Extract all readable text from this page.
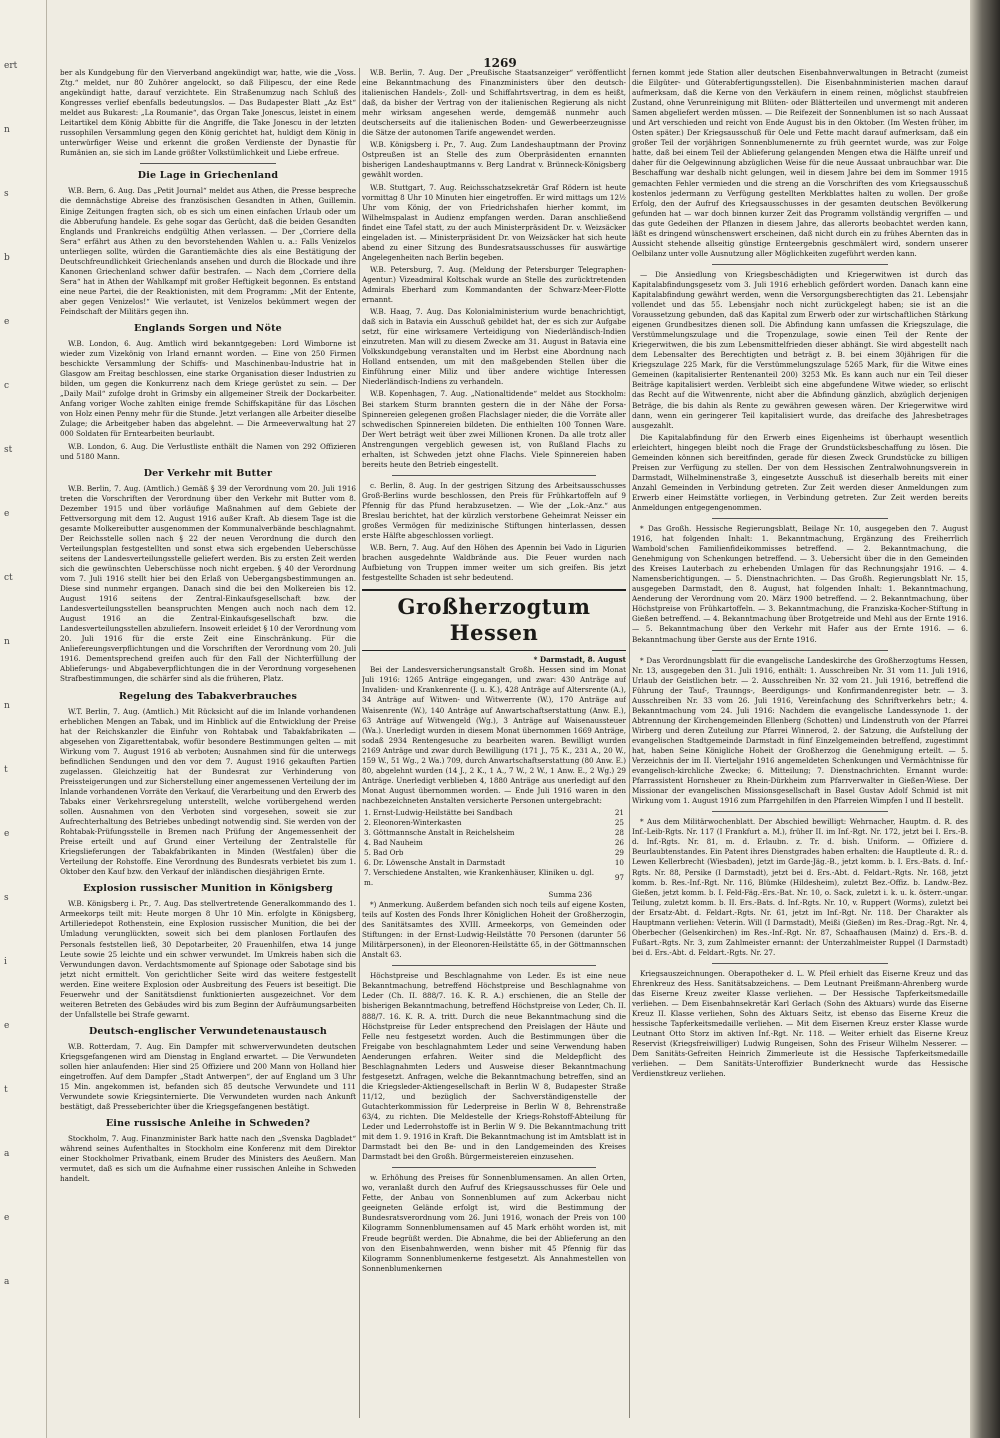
ert
n
s
b
e
c
st
e
ct
n
n
t
e
s
i
e
t
a
e
a
1269

ber als Kundgebung für den Vierverband angekündigt war, hatte, wie die „Voss. Ztg.“ meldet, nur 80 Zuhörer angelockt, so daß Filipescu, der eine Rede angekündigt hatte, darauf verzichtete. Ein Straßenumzug nach Schluß des Kongresses verlief ebenfalls bedeutungslos. — Das Budapester Blatt „Az Est“ meldet aus Bukarest: „La Roumanie“, das Organ Take Jonescus, leistet in einem Leitartikel dem König Abbitte für die Angriffe, die Take Jonescu in der letzten russophilen Versammlung gegen den König gerichtet hat, huldigt dem König in unterwürfiger Weise und erkennt die großen Verdienste der Dynastie für Rumänien an, sie sich im Lande größter Volkstümlichkeit und Liebe erfreue.

Die Lage in Griechenland

W.B. Bern, 6. Aug. Das „Petit Journal“ meldet aus Athen, die Presse bespreche die demnächstige Abreise des französischen Gesandten in Athen, Guillemin. Einige Zeitungen fragten sich, ob es sich um einen einfachen Urlaub oder um die Abberufung handele. Es gehe sogar das Gerücht, daß die beiden Gesandten Englands und Frankreichs endgültig Athen verlassen. — Der „Corriere della Sera“ erfährt aus Athen zu den bevorstehenden Wahlen u. a.: Falls Venizelos unterliegen sollte, würden die Garantiemächte dies als eine Bestätigung der Deutschfreundlichkeit Griechenlands ansehen und durch die Blockade und ihre Kanonen Griechenland schwer dafür bestrafen. — Nach dem „Corriere della Sera“ hat in Athen der Wahlkampf mit großer Heftigkeit begonnen. Es entstand eine neue Partei, die der Reaktionisten, mit dem Programm: „Mit der Entente, aber gegen Venizelos!“ Wie verlautet, ist Venizelos bekümmert wegen der Feindschaft der Militärs gegen ihn.

Englands Sorgen und Nöte

W.B. London, 6. Aug. Amtlich wird bekanntgegeben: Lord Wimborne ist wieder zum Vizekönig von Irland ernannt worden. — Eine von 250 Firmen beschickte Versammlung der Schiffs- und Maschinenbau-Industrie hat in Glasgow am Freitag beschlossen, eine starke Organisation dieser Industrien zu bilden, um gegen die Konkurrenz nach dem Kriege gerüstet zu sein. — Der „Daily Mail“ zufolge droht in Grimsby ein allgemeiner Streik der Dockarbeiter. Anfang voriger Woche zahlten einige fremde Schiffskapitäne für das Löschen von Holz einen Penny mehr für die Stunde. Jetzt verlangen alle Arbeiter dieselbe Zulage; die Arbeitgeber haben das abgelehnt. — Die Armeeverwaltung hat 27 000 Soldaten für Erntearbeiten beurlaubt.

W.B. London, 6. Aug. Die Verlustliste enthält die Namen von 292 Offizieren und 5180 Mann.

Der Verkehr mit Butter

W.B. Berlin, 7. Aug. (Amtlich.) Gemäß § 39 der Verordnung vom 20. Juli 1916 treten die Vorschriften der Verordnung über den Verkehr mit Butter vom 8. Dezember 1915 und über vorläufige Maßnahmen auf dem Gebiete der Fettversorgung mit dem 12. August 1916 außer Kraft. Ab diesem Tage ist die gesamte Molkereibutter ausgenommen der Kommunalverbände beschlagnahmt. Der Reichsstelle sollen nach § 22 der neuen Verordnung die durch den Verteilungsplan festgestellten und sonst etwa sich ergebenden Ueberschüsse seitens der Landesverteilungsstelle geliefert werden. Bis zu ersten Zeit werden sich die gewünschten Ueberschüsse noch nicht ergeben. § 40 der Verordnung vom 7. Juli 1916 stellt hier bei den Erlaß von Uebergangsbestimmungen an. Diese sind nunmehr ergangen. Danach sind die bei den Molkereien bis 12. August 1916 seitens der Zentral-Einkaufsgesellschaft bzw. der Landesverteilungsstellen beanspruchten Mengen auch noch nach dem 12. August 1916 an die Zentral-Einkaufsgesellschaft bzw. die Landesverteilungsstellen abzuliefern. Insoweit erleidet § 10 der Verordnung vom 20. Juli 1916 für die erste Zeit eine Einschränkung. Für die Anliefereungsverpflichtungen und die Vorschriften der Verordnung vom 20. Juli 1916. Dementsprechend greifen auch für den Fall der Nichterfüllung der Ablieferungs- und Abgabeverpflichtungen die in der Verordnung vorgesehenen Strafbestimmungen, die schärfer sind als die früheren, Platz.

Regelung des Tabakverbrauches

W.T. Berlin, 7. Aug. (Amtlich.) Mit Rücksicht auf die im Inlande vorhandenen erheblichen Mengen an Tabak, und im Hinblick auf die Entwicklung der Preise hat der Reichskanzler die Einfuhr von Rohtabak und Tabakfabrikaten — abgesehen von Zigarettentabak, wofür besondere Bestimmungen gelten — mit Wirkung vom 7. August 1916 ab verboten; Ausnahmen sind für die unterwegs befindlichen Sendungen und den vor dem 7. August 1916 gekauften Partien zugelassen. Gleichzeitig hat der Bundesrat zur Verhinderung von Preissteigerungen und zur Sicherstellung einer angemessenen Verteilung der im Inlande vorhandenen Vorräte den Verkauf, die Verarbeitung und den Erwerb des Tabaks einer Verkehrsregelung unterstellt, welche vorübergehend werden sollen. Ausnahmen von den Verboten sind vorgesehen, soweit sie zur Aufrechterhaltung des Betriebes unbedingt notwendig sind. Sie werden von der Rohtabak-Prüfungsstelle in Bremen nach Prüfung der Angemessenheit der Preise erteilt und auf Grund einer Verteilung der Zentralstelle für Kriegslieferungen der Tabakfabrikanten in Minden (Westfalen) über die Verteilung der Rohstoffe. Eine Verordnung des Bundesrats verbietet bis zum 1. Oktober den Kauf bzw. den Verkauf der inländischen diesjährigen Ernte.

Explosion russischer Munition in Königsberg

W.B. Königsberg i. Pr., 7. Aug. Das stellvertretende Generalkommando des 1. Armeekorps teilt mit: Heute morgen 8 Uhr 10 Min. erfolgte in Königsberg, Artilleriedepot Rothenstein, eine Explosion russischer Munition, die bei der Umladung verunglückten, soweit sich bei dem planlosen Fortlaufen des Personals feststellen ließ, 30 Depotarbeiter, 20 Frauenhilfen, etwa 14 junge Leute sowie 25 leichte und ein schwer verwundet. Im Umkreis haben sich die Verwundungen davon. Verdachtsmomente auf Spionage oder Sabotage sind bis jetzt nicht ermittelt. Von gerichtlicher Seite wird das weitere festgestellt werden. Eine weitere Explosion oder Ausbreitung des Feuers ist beseitigt. Die Feuerwehr und der Sanitätsdienst funktionierten ausgezeichnet. Vor dem weiteren Betreten des Gebäudes wird bis zum Beginn der Aufräumungsarbeiten der Unfallstelle bei Strafe gewarnt.

Deutsch-englischer Verwundetenaustausch

W.B. Rotterdam, 7. Aug. Ein Dampfer mit schwerverwundeten deutschen Kriegsgefangenen wird am Dienstag in England erwartet. — Die Verwundeten sollen hier anlaufenden: Hier sind 25 Offiziere und 200 Mann von Holland hier eingetroffen. Auf dem Dampfer „Stadt Antwerpen“, der auf England um 3 Uhr 15 Min. angekommen ist, befanden sich 85 deutsche Verwundete und 111 Verwundete sowie Kriegsinternierte. Die Verwundeten wurden nach Ankunft bestätigt, daß Presseberichter über die Kriegsgefangenen bestätigt.

Eine russische Anleihe in Schweden?

Stockholm, 7. Aug. Finanzminister Bark hatte nach den „Svenska Dagbladet“ während seines Aufenthaltes in Stockholm eine Konferenz mit dem Direktor einer Stockholmer Privatbank, einem Bruder des Ministers des Aeußern. Man vermutet, daß es sich um die Aufnahme einer russischen Anleihe in Schweden handelt.

W.B. Berlin, 7. Aug. Der „Preußische Staatsanzeiger“ veröffentlicht eine Bekanntmachung des Finanzministers über den deutsch-italienischen Handels-, Zoll- und Schiffahrtsvertrag, in dem es heißt, daß, da bisher der Vertrag von der italienischen Regierung als nicht mehr wirksam angesehen werde, demgemäß nunmehr auch deutscherseits auf die italienischen Boden- und Gewerbeerzeugnisse die Sätze der autonomen Tarife angewendet werden.

W.B. Königsberg i. Pr., 7. Aug. Zum Landeshauptmann der Provinz Ostpreußen ist an Stelle des zum Oberpräsidenten ernannten bisherigen Landeshauptmanns v. Berg Landrat v. Brünneck-Königsberg gewählt worden.

W.B. Stuttgart, 7. Aug. Reichsschatzsekretär Graf Rödern ist heute vormittag 8 Uhr 10 Minuten hier eingetroffen. Er wird mittags um 12½ Uhr vom König, der von Friedrichshafen hierher kommt, im Wilhelmspalast in Audienz empfangen werden. Daran anschließend findet eine Tafel statt, zu der auch Ministerpräsident Dr. v. Weizsäcker eingeladen ist. — Ministerpräsident Dr. von Weizsäcker hat sich heute abend zu einer Sitzung des Bundesratsausschusses für auswärtige Angelegenheiten nach Berlin begeben.

W.B. Petersburg, 7. Aug. (Meldung der Petersburger Telegraphen-Agentur.) Vizeadmiral Koltschak wurde an Stelle des zurücktretenden Admirals Eberhard zum Kommandanten der Schwarz-Meer-Flotte ernannt.

W.B. Haag, 7. Aug. Das Kolonialministerium wurde benachrichtigt, daß sich in Batavia ein Ausschuß gebildet hat, der es sich zur Aufgabe setzt, für eine wirksamere Verteidigung von Niederländisch-Indien einzutreten. Man will zu diesem Zwecke am 31. August in Batavia eine Volkskundgebung veranstalten und im Herbst eine Abordnung nach Holland entsenden, um mit den maßgebenden Stellen über die Einführung einer Miliz und über andere wichtige Interessen Niederländisch-Indiens zu verhandeln.

W.B. Kopenhagen, 7. Aug. „Nationaltidende“ meldet aus Stockholm: Bei starkem Sturm brannten gestern die in der Nähe der Forsa-Spinnereien gelegenen großen Flachslager nieder, die die Vorräte aller schwedischen Spinnereien bildeten. Die enthielten 100 Tonnen Ware. Der Wert beträgt weit über zwei Millionen Kronen. Da alle trotz aller Anstrengungen vergeblich gewesen ist, von Rußland Flachs zu erhalten, ist Schweden jetzt ohne Flachs. Viele Spinnereien haben bereits heute den Betrieb eingestellt.

c. Berlin, 8. Aug. In der gestrigen Sitzung des Arbeitsausschusses Groß-Berlins wurde beschlossen, den Preis für Frühkartoffeln auf 9 Pfennig für das Pfund herabzusetzen. — Wie der „Lok.-Anz.“ aus Breslau berichtet, hat der kürzlich verstorbene Geheimrat Neisser ein großes Vermögen für medizinische Stiftungen hinterlassen, dessen erste Hälfte abgeschlossen vorliegt.

W.B. Bern, 7. Aug. Auf den Höhen des Apennin bei Vado in Ligurien brachen ausgedehnte Waldbrände aus. Die Feuer wurden nach Aufbietung von Truppen immer weiter um sich greifen. Bis jetzt festgestellte Schaden ist sehr bedeutend.

Großherzogtum Hessen
* Darmstadt, 8. August

Bei der Landesversicherungsanstalt Großh. Hessen sind im Monat Juli 1916: 1265 Anträge eingegangen, und zwar: 430 Anträge auf Invaliden- und Krankenrente (J. u. K.), 428 Anträge auf Altersrente (A.), 34 Anträge auf Witwen- und Witwerrente (W.), 170 Anträge auf Waisenrente (W.), 140 Anträge auf Anwartschaftserstattung (Anw. E.), 63 Anträge auf Witwengeld (Wg.), 3 Anträge auf Waisenaussteuer (Wa.). Unerledigt wurden in diesem Monat übernommen 1669 Anträge, sodaß 2934 Rentengesuche zu bearbeiten waren. Bewilligt wurden 2169 Anträge und zwar durch Bewilligung (171 J., 75 K., 231 A., 20 W., 159 W., 51 Wg., 2 Wa.) 709, durch Anwartschaftserstattung (80 Anw. E.) 80, abgelehnt wurden (14 J., 2 K., 1 A., 7 W., 2 W., 1 Anw. E., 2 Wg.) 29 Anträge. Unerledigt verblieben 4, 1880 Anträge aus unerledigt auf den Monat August übernommen worden. — Ende Juli 1916 waren in den nachbezeichneten Anstalten versicherte Personen untergebracht:

1. Ernst-Ludwig-Heilstätte bei Sandbach	21
2. Eleonoren-Winterkasten	25
3. Göttmannsche Anstalt in Reichelsheim	28
4. Bad Nauheim	26
5. Bad Orb	29
6. Dr. Löwensche Anstalt in Darmstadt	10
7. Verschiedene Anstalten, wie Krankenhäuser, Kliniken u. dgl. m.	97
Summa 236

*) Anmerkung. Außerdem befanden sich noch teils auf eigene Kosten, teils auf Kosten des Fonds Ihrer Königlichen Hoheit der Großherzogin, des Sanitätsamtes des XVIII. Armeekorps, von Gemeinden oder Stiftungen: in der Ernst-Ludwig-Heilstätte 70 Personen (darunter 56 Militärpersonen), in der Eleonoren-Heilstätte 65, in der Göttmannschen Anstalt 63.

Höchstpreise und Beschlagnahme von Leder. Es ist eine neue Bekanntmachung, betreffend Höchstpreise und Beschlagnahme von Leder (Ch. II. 888/7. 16. K. R. A.) erschienen, die an Stelle der bisherigen Bekanntmachung, betreffend Höchstpreise von Leder, Ch. II. 888/7. 16. K. R. A. tritt. Durch die neue Bekanntmachung sind die Höchstpreise für Leder entsprechend den Preislagen der Häute und Felle neu festgesetzt worden. Auch die Bestimmungen über die Freigabe von beschlagnahmtem Leder und seine Verwendung haben Aenderungen erfahren. Weiter sind die Meldepflicht des Beschlagnahmten Leders und Ausweise dieser Bekanntmachung festgesetzt. Anfragen, welche die Bekanntmachung betreffen, sind an die Kriegsleder-Aktiengesellschaft in Berlin W 8, Budapester Straße 11/12, und bezüglich der Sachverständigenstelle der Gutachterkommission für Lederpreise in Berlin W 8, Behrenstraße 63/4, zu richten. Die Meldestelle der Kriegs-Rohstoff-Abteilung für Leder und Lederrohstoffe ist in Berlin W 9. Die Bekanntmachung tritt mit dem 1. 9. 1916 in Kraft. Die Bekanntmachung ist im Amtsblatt ist in Darmstadt bei den Be- und in den Landgemeinden des Kreises Darmstadt bei den Großh. Bürgermeistereien einzusehen.

w. Erhöhung des Preises für Sonnenblumensamen. An allen Orten, wo, veranlaßt durch den Aufruf des Kriegsausschusses für Oele und Fette, der Anbau von Sonnenblumen auf zum Ackerbau nicht geeigneten Gelände erfolgt ist, wird die Bestimmung der Bundesratsverordnung vom 26. Juni 1916, wonach der Preis von 100 Kilogramm Sonnenblumensamen auf 45 Mark erhöht worden ist, mit Freude begrüßt werden. Die Abnahme, die bei der Ablieferung an den von den Eisenbahnwerden, wenn bisher mit 45 Pfennig für das Kilogramm Sonnenblumenkerne festgesetzt. Als Annahmestellen von Sonnenblumenkernen

fernen kommt jede Station aller deutschen Eisenbahnverwaltungen in Betracht (zumeist die Eilgüter- und Güterabfertigungsstellen). Die Eisenbahnministerien machen darauf aufmerksam, daß die Kerne von den Verkäufern in einem reinen, möglichst staubfreien Zustand, ohne Verunreinigung mit Blüten- oder Blätterteilen und unvermengt mit anderen Samen abgeliefert werden müssen. — Die Reifezeit der Sonnenblumen ist so nach Aussaat und Art verschieden und reicht von Ende August bis in den Oktober. (Im Westen früher, im Osten später.) Der Kriegsausschuß für Oele und Fette macht darauf aufmerksam, daß ein großer Teil der vorjährigen Sonnenblumenernte zu früh geerntet wurde, was zur Folge hatte, daß bei einem Teil der Ablieferung gelangenden Mengen etwa die Hälfte unreif und daher für die Oelgewinnung abzüglichen Weise für die neue Aussaat unbrauchbar war. Die Beschaffung war deshalb nicht gelungen, weil in diesem Jahre bei dem im Sommer 1915 gemachten Fehler vermieden und die streng an die Vorschriften des vom Kriegsausschuß kostenlos jedermann zu Verfügung gestellten Merkblattes halten zu wollen. Der große Erfolg, den der Aufruf des Kriegsausschusses in der gesamten deutschen Bevölkerung gefunden hat — war doch binnen kurzer Zeit das Programm vollständig vergriffen — und das gute Gedeihen der Pflanzen in diesem Jahre, das allerorts beobachtet werden kann, läßt es dringend wünschenswert erscheinen, daß nicht durch ein zu frühes Abernten das in Aussicht stehende allseitig günstige Ernteergebnis geschmälert wird, sondern unserer Oelbilanz unter volle Ausnutzung aller Möglichkeiten zugeführt werden kann.

— Die Ansiedlung von Kriegsbeschädigten und Kriegerwitwen ist durch das Kapitalabfindungsgesetz vom 3. Juli 1916 erheblich gefördert worden. Danach kann eine Kapitalabfindung gewährt werden, wenn die Versorgungsberechtigten das 21. Lebensjahr vollendet und das 55. Lebensjahr noch nicht zurückgelegt haben; sie ist an die Voraussetzung gebunden, daß das Kapital zum Erwerb oder zur wirtschaftlichen Stärkung eigenen Grundbesitzes dienen soll. Die Abfindung kann umfassen die Kriegszulage, die Verstümmelungszulage und die Tropenzulage, sowie einen Teil der Rente der Kriegerwitwen, die bis zum Lebensmittelfrieden dieser abhängt. Sie wird abgestellt nach dem Lebensalter des Berechtigten und beträgt z. B. bei einem 30jährigen für die Kriegszulage 225 Mark, für die Verstümmelungszulage 5265 Mark, für die Witwe eines Gemeinen (kapitalisierter Rentenanteil 200) 3253 Mk. Es kann auch nur ein Teil dieser Beiträge kapitalisiert werden. Verbleibt sich eine abgefundene Witwe wieder, so erlischt das Recht auf die Witwenrente, nicht aber die Abfindung gänzlich, abzüglich derjenigen Beträge, die bis dahin als Rente zu gewähren gewesen wären. Der Kriegerwitwe wird dann, wenn ein geringerer Teil kapitalisiert wurde, das dreifache des Jahresbetrages ausgezahlt.

Die Kapitalabfindung für den Erwerb eines Eigenheims ist überhaupt wesentlich erleichtert, hingegen bleibt noch die Frage der Grundstücksbeschaffung zu lösen. Die Gemeinden können sich bereitfinden, gerade für diesen Zweck Grundstücke zu billigen Preisen zur Verfügung zu stellen. Der von dem Hessischen Zentralwohnungsverein in Darmstadt, Wilhelminenstraße 3, eingesetzte Ausschuß ist dieserhalb bereits mit einer Anzahl Gemeinden in Verbindung getreten. Zur Zeit werden dieser Anmeldungen zum Erwerb einer Heimstätte vorliegen, in Verbindung getreten. Zur Zeit werden bereits Anmeldungen entgegengenommen.

* Das Großh. Hessische Regierungsblatt, Beilage Nr. 10, ausgegeben den 7. August 1916, hat folgenden Inhalt: 1. Bekanntmachung, Ergänzung des Freiherrlich Wambold'schen Familienfideikommisses betreffend. — 2. Bekanntmachung, die Genehmigung von Schenkungen betreffend. — 3. Uebersicht über die in den Gemeinden des Kreises Lauterbach zu erhebenden Umlagen für das Rechnungsjahr 1916. — 4. Namensberichtigungen. — 5. Dienstnachrichten. — Das Großh. Regierungsblatt Nr. 15, ausgegeben Darmstadt, den 8. August, hat folgenden Inhalt: 1. Bekanntmachung, Aenderung der Verordnung vom 20. März 1900 betreffend. — 2. Bekanntmachung, über Höchstpreise von Frühkartoffeln. — 3. Bekanntmachung, die Franziska-Kocher-Stiftung in Gießen betreffend. — 4. Bekanntmachung über Brotgetreide und Mehl aus der Ernte 1916. — 5. Bekanntmachung über den Verkehr mit Hafer aus der Ernte 1916. — 6. Bekanntmachung über Gerste aus der Ernte 1916.

* Das Verordnungsblatt für die evangelische Landeskirche des Großherzogtums Hessen, Nr. 13, ausgegeben den 31. Juli 1916, enthält: 1. Ausschreiben Nr. 31 vom 11. Juli 1916, Urlaub der Geistlichen betr. — 2. Ausschreiben Nr. 32 vom 21. Juli 1916, betreffend die Führung der Tauf-, Traunngs-, Beerdigungs- und Konfirmandenregister betr. — 3. Ausschreiben Nr. 33 vom 26. Juli 1916, Vereinfachung des Schriftverkehrs betr.; 4. Bekanntmachung vom 24. Juli 1916: Nachdem die evangelische Landessynode 1. der Abtrennung der Kirchengemeinden Ellenberg (Schotten) und Lindenstruth von der Pfarrei Wirberg und deren Zuteilung zur Pfarrei Winnerod, 2. der Satzung, die Aufstellung der evangelischen Stadtgemeinde Darmstadt in fünf Einzelgemeinden betreffend, zugestimmt hat, haben Seine Königliche Hoheit der Großherzog die Genehmigung erteilt. — 5. Verzeichnis der im II. Vierteljahr 1916 angemeldeten Schenkungen und Vermächtnisse für evangelisch-kirchliche Zwecke; 6. Mitteilung; 7. Dienstnachrichten. Ernannt wurde: Pfarrassistent Hornsheuer zu Rhein-Dürkheim zum Pfarrverwalter in Gießen-Wiese. Der Missionar der evangelischen Missionsgesellschaft in Basel Gustav Adolf Schmid ist mit Wirkung vom 1. August 1916 zum Pfarrgehilfen in den Pfarreien Wimpfen I und II bestellt.

* Aus dem Militärwochenblatt. Der Abschied bewilligt: Wehrnacher, Hauptm. d. R. des Inf.-Leib-Rgts. Nr. 117 (I Frankfurt a. M.), früher II. im Inf.-Rgt. Nr. 172, jetzt bei I. Ers.-B. d. Inf.-Rgts. Nr. 81, m. d. Erlaubn. z. Tr. d. bish. Uniform. — Offiziere d. Beurlaubtenstandes. Ein Patent ihres Dienstgrades haben erhalten: die Hauptleute d. R.: d. Lewen Kellerbrecht (Wiesbaden), jetzt im Garde-Jäg.-B., jetzt komm. b. I. Ers.-Bats. d. Inf.-Rgts. Nr. 88, Persike (I Darmstadt), jetzt bei d. Ers.-Abt. d. Feldart.-Rgts. Nr. 168, jetzt komm. b. Res.-Inf.-Rgt. Nr. 116, Blümke (Hildesheim), zuletzt Bez.-Offiz. b. Landw.-Bez. Gießen, jetzt komm. b. I. Feld-Fäg.-Ers.-Bat. Nr. 10, o. Sack, zuletzt i. k. u. k. österr.-ungar. Teilung, zuletzt komm. b. II. Ers.-Bats. d. Inf.-Rgts. Nr. 10, v. Ruppert (Worms), zuletzt bei der Ersatz-Abt. d. Feldart.-Rgts. Nr. 61, jetzt im Inf.-Rgt. Nr. 118. Der Charakter als Hauptmann verliehen: Veterin. Will (I Darmstadt), Meißi (Gießen) im Res.-Drag.-Rgt. Nr. 4, Oberbecher (Gelsenkirchen) im Res.-Inf.-Rgt. Nr. 87, Schaafhausen (Mainz) d. Ers.-B. d. Fußart.-Rgts. Nr. 3, zum Zahlmeister ernannt: der Unterzahlmeister Ruppel (I Darmstadt) bei d. Ers.-Abt. d. Feldart.-Rgts. Nr. 27.

Kriegsauszeichnungen. Oberapotheker d. L. W. Pfeil erhielt das Eiserne Kreuz und das Ehrenkreuz des Hess. Sanitätsabzeichens. — Dem Leutnant Preißmann-Ahrenberg wurde das Eiserne Kreuz zweiter Klasse verliehen. — Der Hessische Tapferkeitsmedaille verliehen. — Dem Eisenbahnsekretär Karl Gerlach (Sohn des Aktuars) wurde das Eiserne Kreuz II. Klasse verliehen, Sohn des Aktuars Seitz, ist ebenso das Eiserne Kreuz die hessische Tapferkeitsmedaille verliehen. — Mit dem Eisernen Kreuz erster Klasse wurde Leutnant Otto Storz im aktiven Inf.-Rgt. Nr. 118. — Weiter erhielt das Eiserne Kreuz Reservist (Kriegsfreiwilliger) Ludwig Rungeisen, Sohn des Friseur Wilhelm Nesserer. — Dem Sanitäts-Gefreiten Heinrich Zimmerleute ist die Hessische Tapferkeitsmedaille verliehen. — Dem Sanitäts-Unteroffizier Bunderknecht wurde das Hessische Verdienstkreuz verliehen.
